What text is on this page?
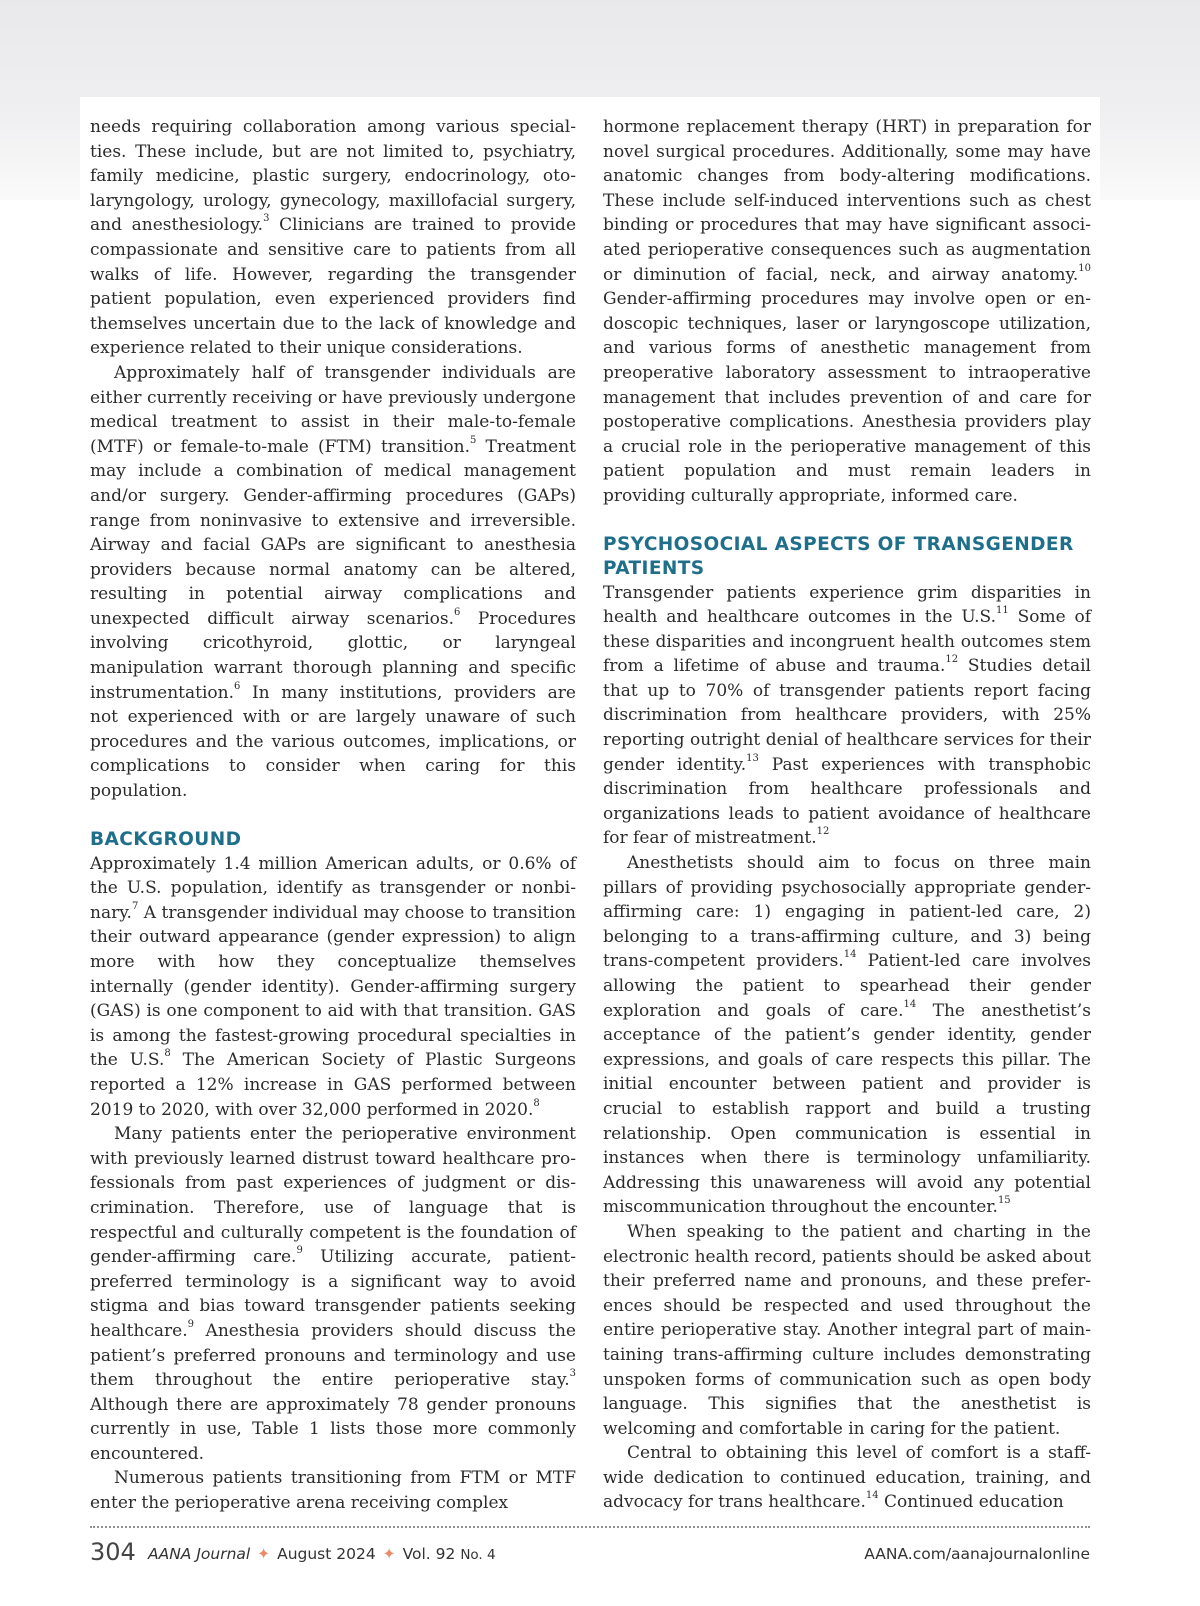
needs requiring collaboration among various specialties. These include, but are not limited to, psychiatry, family medicine, plastic surgery, endocrinology, otolaryngology, urology, gynecology, maxillofacial surgery, and anesthesiology.$^3$ Clinicians are trained to provide compassionate and sensitive care to patients from all walks of life. However, regarding the transgender patient population, even experienced providers find themselves uncertain due to the lack of knowledge and experience related to their unique considerations.

Approximately half of transgender individuals are either currently receiving or have previously undergone medical treatment to assist in their male-to-female (MTF) or female-to-male (FTM) transition.$^5$ Treatment may include a combination of medical management and/or surgery. Gender-affirming procedures (GAPs) range from noninvasive to extensive and irreversible. Airway and facial GAPs are significant to anesthesia providers because normal anatomy can be altered, resulting in potential airway complications and unexpected difficult airway scenarios.$^6$ Procedures involving cricothyroid, glottic, or laryngeal manipulation warrant thorough planning and specific instrumentation.$^6$ In many institutions, providers are not experienced with or are largely unaware of such procedures and the various outcomes, implications, or complications to consider when caring for this population.

BACKGROUND

Approximately 1.4 million American adults, or 0.6% of the U.S. population, identify as transgender or nonbinary.$^7$ A transgender individual may choose to transition their outward appearance (gender expression) to align more with how they conceptualize themselves internally (gender identity). Gender-affirming surgery (GAS) is one component to aid with that transition. GAS is among the fastest-growing procedural specialties in the U.S.$^8$ The American Society of Plastic Surgeons reported a 12% increase in GAS performed between 2019 to 2020, with over 32,000 performed in 2020.$^8$

Many patients enter the perioperative environment with previously learned distrust toward healthcare professionals from past experiences of judgment or discrimination. Therefore, use of language that is respectful and culturally competent is the foundation of gender-affirming care.$^9$ Utilizing accurate, patient-preferred terminology is a significant way to avoid stigma and bias toward transgender patients seeking healthcare.$^9$ Anesthesia providers should discuss the patient’s preferred pronouns and terminology and use them throughout the entire perioperative stay.$^3$ Although there are approximately 78 gender pronouns currently in use, Table 1 lists those more commonly encountered.

Numerous patients transitioning from FTM or MTF enter the perioperative arena receiving complex

hormone replacement therapy (HRT) in preparation for novel surgical procedures. Additionally, some may have anatomic changes from body-altering modifications. These include self-induced interventions such as chest binding or procedures that may have significant associated perioperative consequences such as augmentation or diminution of facial, neck, and airway anatomy.$^{10}$ Gender-affirming procedures may involve open or endoscopic techniques, laser or laryngoscope utilization, and various forms of anesthetic management from preoperative laboratory assessment to intraoperative management that includes prevention of and care for postoperative complications. Anesthesia providers play a crucial role in the perioperative management of this patient population and must remain leaders in providing culturally appropriate, informed care.

PSYCHOSOCIAL ASPECTS OF TRANSGENDER PATIENTS

Transgender patients experience grim disparities in health and healthcare outcomes in the U.S.$^{11}$ Some of these disparities and incongruent health outcomes stem from a lifetime of abuse and trauma.$^{12}$ Studies detail that up to 70% of transgender patients report facing discrimination from healthcare providers, with 25% reporting outright denial of healthcare services for their gender identity.$^{13}$ Past experiences with transphobic discrimination from healthcare professionals and organizations leads to patient avoidance of healthcare for fear of mistreatment.$^{12}$

Anesthetists should aim to focus on three main pillars of providing psychosocially appropriate gender-affirming care: 1) engaging in patient-led care, 2) belonging to a trans-affirming culture, and 3) being trans-competent providers.$^{14}$ Patient-led care involves allowing the patient to spearhead their gender exploration and goals of care.$^{14}$ The anesthetist’s acceptance of the patient’s gender identity, gender expressions, and goals of care respects this pillar. The initial encounter between patient and provider is crucial to establish rapport and build a trusting relationship. Open communication is essential in instances when there is terminology unfamiliarity. Addressing this unawareness will avoid any potential miscommunication throughout the encounter.$^{15}$

When speaking to the patient and charting in the electronic health record, patients should be asked about their preferred name and pronouns, and these preferences should be respected and used throughout the entire perioperative stay. Another integral part of maintaining trans-affirming culture includes demonstrating unspoken forms of communication such as open body language. This signifies that the anesthetist is welcoming and comfortable in caring for the patient.

Central to obtaining this level of comfort is a staff-wide dedication to continued education, training, and advocacy for trans healthcare.$^{14}$ Continued education

304 AANA Journal ✦ August 2024 ✦ Vol. 92 No. 4	AANA.com/aanajournalonline
